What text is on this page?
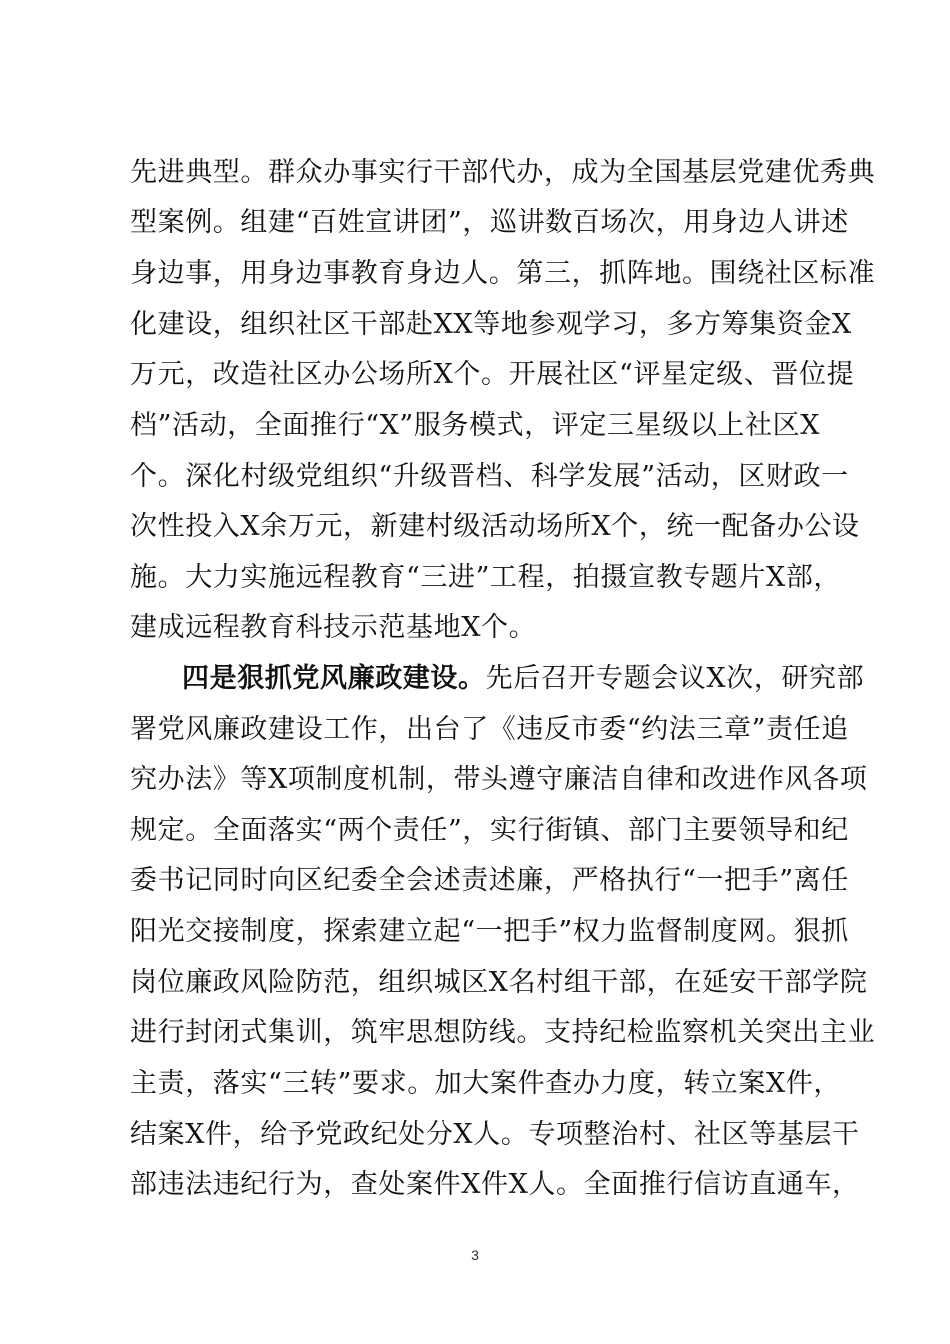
先进典型。群众办事实行干部代办，成为全国基层党建优秀典
型案例。组建“百姓宣讲团”，巡讲数百场次，用身边人讲述
身边事，用身边事教育身边人。第三，抓阵地。围绕社区标准
化建设，组织社区干部赴XX等地参观学习，多方筹集资金X
万元，改造社区办公场所X个。开展社区“评星定级、晋位提
档”活动，全面推行“X”服务模式，评定三星级以上社区X
个。深化村级党组织“升级晋档、科学发展”活动，区财政一
次性投入X余万元，新建村级活动场所X个，统一配备办公设
施。大力实施远程教育“三进”工程，拍摄宣教专题片X部，
建成远程教育科技示范基地X个。
四是狠抓党风廉政建设。先后召开专题会议X次，研究部
署党风廉政建设工作，出台了《违反市委“约法三章”责任追
究办法》等X项制度机制，带头遵守廉洁自律和改进作风各项
规定。全面落实“两个责任”，实行街镇、部门主要领导和纪
委书记同时向区纪委全会述责述廉，严格执行“一把手”离任
阳光交接制度，探索建立起“一把手”权力监督制度网。狠抓
岗位廉政风险防范，组织城区X名村组干部，在延安干部学院
进行封闭式集训，筑牢思想防线。支持纪检监察机关突出主业
主责，落实“三转”要求。加大案件查办力度，转立案X件，
结案X件，给予党政纪处分X人。专项整治村、社区等基层干
部违法违纪行为，查处案件X件X人。全面推行信访直通车，
3
